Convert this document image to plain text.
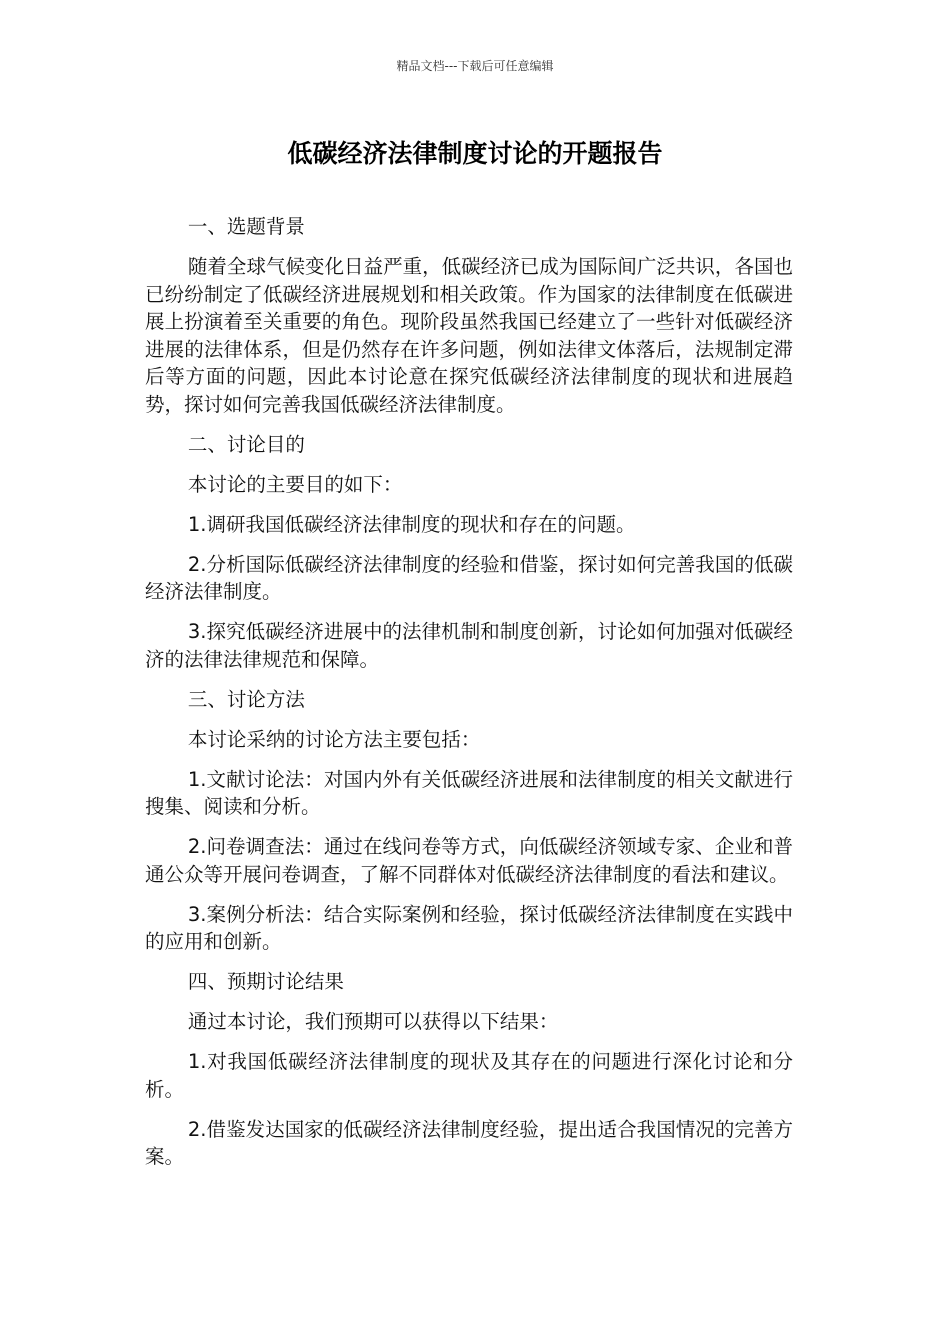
精品文档---下载后可任意编辑
低碳经济法律制度讨论的开题报告

一、选题背景

随着全球气候变化日益严重，低碳经济已成为国际间广泛共识，各国也已纷纷制定了低碳经济进展规划和相关政策。作为国家的法律制度在低碳进展上扮演着至关重要的角色。现阶段虽然我国已经建立了一些针对低碳经济进展的法律体系，但是仍然存在许多问题，例如法律文体落后，法规制定滞后等方面的问题，因此本讨论意在探究低碳经济法律制度的现状和进展趋势，探讨如何完善我国低碳经济法律制度。

二、讨论目的

本讨论的主要目的如下：

1.调研我国低碳经济法律制度的现状和存在的问题。

2.分析国际低碳经济法律制度的经验和借鉴，探讨如何完善我国的低碳经济法律制度。

3.探究低碳经济进展中的法律机制和制度创新，讨论如何加强对低碳经济的法律法律规范和保障。

三、讨论方法

本讨论采纳的讨论方法主要包括：

1.文献讨论法：对国内外有关低碳经济进展和法律制度的相关文献进行搜集、阅读和分析。

2.问卷调查法：通过在线问卷等方式，向低碳经济领域专家、企业和普通公众等开展问卷调查，了解不同群体对低碳经济法律制度的看法和建议。

3.案例分析法：结合实际案例和经验，探讨低碳经济法律制度在实践中的应用和创新。

四、预期讨论结果

通过本讨论，我们预期可以获得以下结果：

1.对我国低碳经济法律制度的现状及其存在的问题进行深化讨论和分析。

2.借鉴发达国家的低碳经济法律制度经验，提出适合我国情况的完善方案。
